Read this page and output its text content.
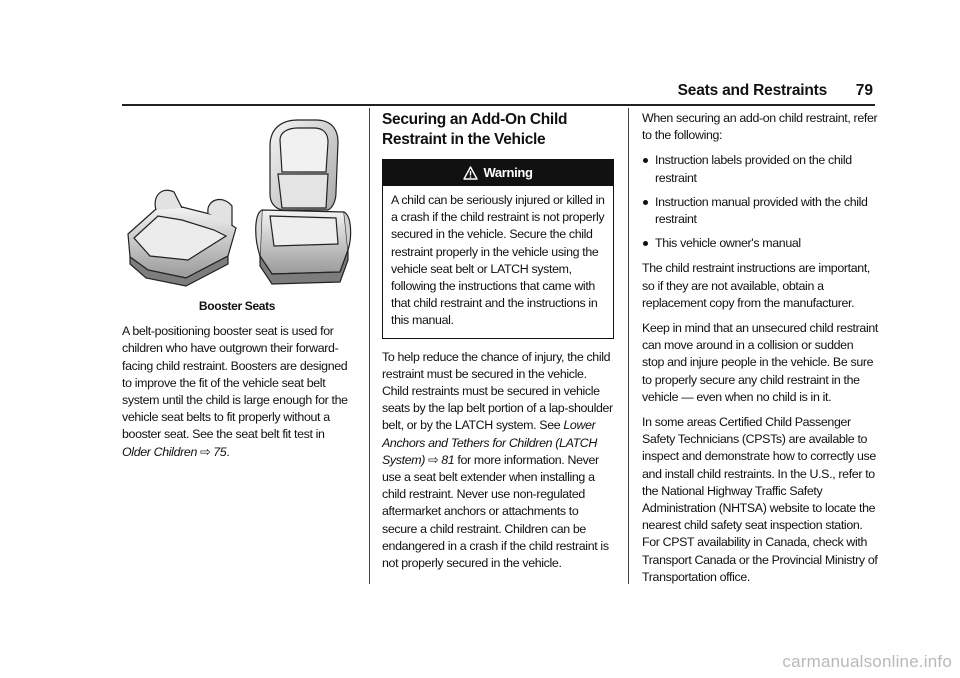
Seats and Restraints 79

Booster Seats

A belt-positioning booster seat is used for children who have outgrown their forward-facing child restraint. Boosters are designed to improve the fit of the vehicle seat belt system until the child is large enough for the vehicle seat belts to fit properly without a booster seat. See the seat belt fit test in Older Children ⇨ 75.

Securing an Add-On Child Restraint in the Vehicle
Warning
A child can be seriously injured or killed in a crash if the child restraint is not properly secured in the vehicle. Secure the child restraint properly in the vehicle using the vehicle seat belt or LATCH system, following the instructions that came with that child restraint and the instructions in this manual.

To help reduce the chance of injury, the child restraint must be secured in the vehicle. Child restraints must be secured in vehicle seats by the lap belt portion of a lap-shoulder belt, or by the LATCH system. See Lower Anchors and Tethers for Children (LATCH System) ⇨ 81 for more information. Never use a seat belt extender when installing a child restraint. Never use non-regulated aftermarket anchors or attachments to secure a child restraint. Children can be endangered in a crash if the child restraint is not properly secured in the vehicle.

When securing an add-on child restraint, refer to the following:

Instruction labels provided on the child restraint
Instruction manual provided with the child restraint
This vehicle owner's manual

The child restraint instructions are important, so if they are not available, obtain a replacement copy from the manufacturer.

Keep in mind that an unsecured child restraint can move around in a collision or sudden stop and injure people in the vehicle. Be sure to properly secure any child restraint in the vehicle — even when no child is in it.

In some areas Certified Child Passenger Safety Technicians (CPSTs) are available to inspect and demonstrate how to correctly use and install child restraints. In the U.S., refer to the National Highway Traffic Safety Administration (NHTSA) website to locate the nearest child safety seat inspection station. For CPST availability in Canada, check with Transport Canada or the Provincial Ministry of Transportation office.

carmanualsonline.info
